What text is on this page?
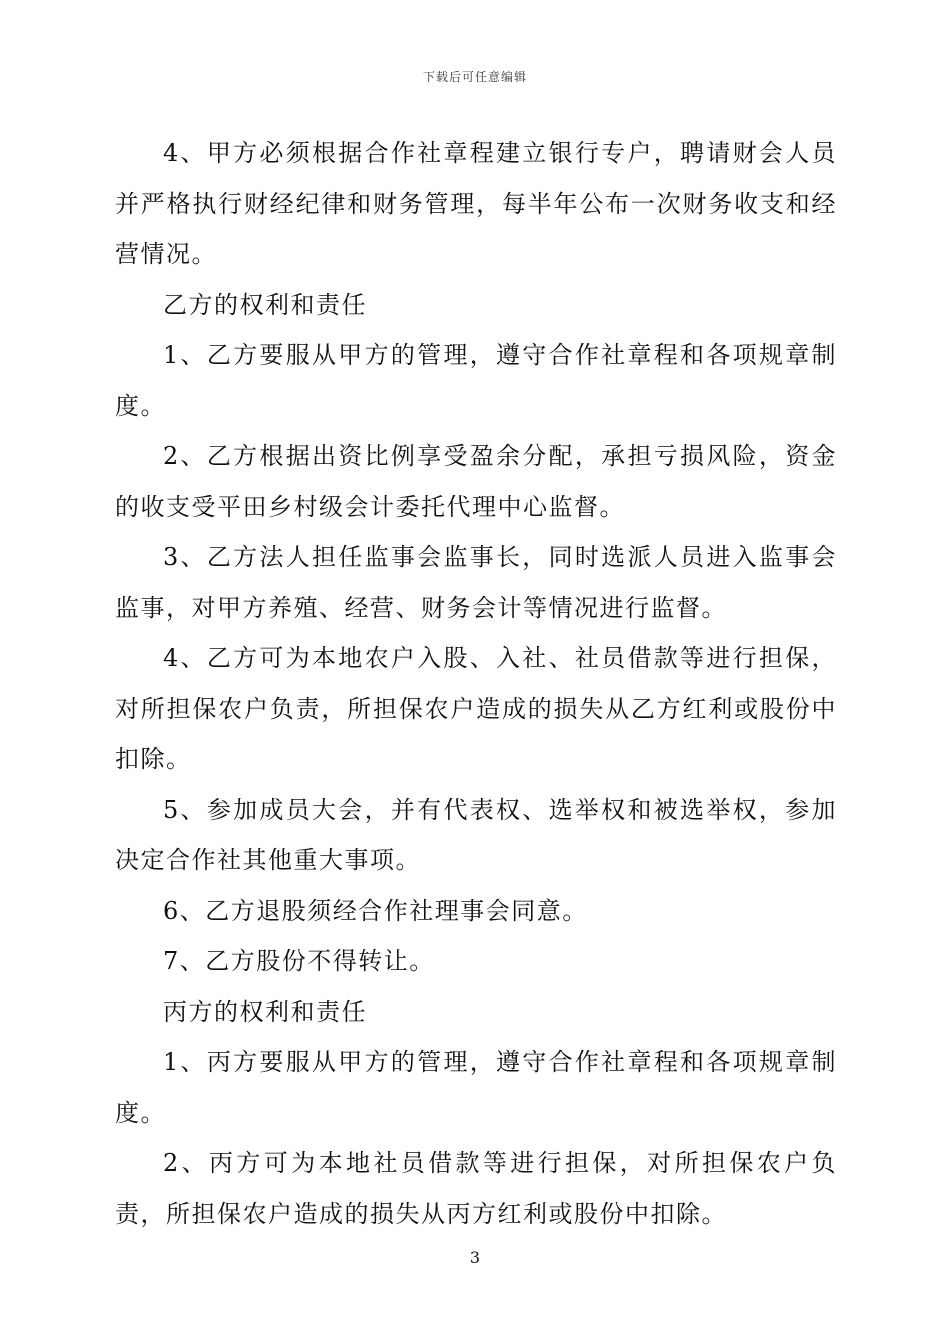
下载后可任意编辑

4、甲方必须根据合作社章程建立银行专户，聘请财会人员并严格执行财经纪律和财务管理，每半年公布一次财务收支和经营情况。

乙方的权利和责任

1、乙方要服从甲方的管理，遵守合作社章程和各项规章制度。

2、乙方根据出资比例享受盈余分配，承担亏损风险，资金的收支受平田乡村级会计委托代理中心监督。

3、乙方法人担任监事会监事长，同时选派人员进入监事会监事，对甲方养殖、经营、财务会计等情况进行监督。

4、乙方可为本地农户入股、入社、社员借款等进行担保，对所担保农户负责，所担保农户造成的损失从乙方红利或股份中扣除。

5、参加成员大会，并有代表权、选举权和被选举权，参加决定合作社其他重大事项。

6、乙方退股须经合作社理事会同意。

7、乙方股份不得转让。

丙方的权利和责任

1、丙方要服从甲方的管理，遵守合作社章程和各项规章制度。

2、丙方可为本地社员借款等进行担保，对所担保农户负责，所担保农户造成的损失从丙方红利或股份中扣除。

3
